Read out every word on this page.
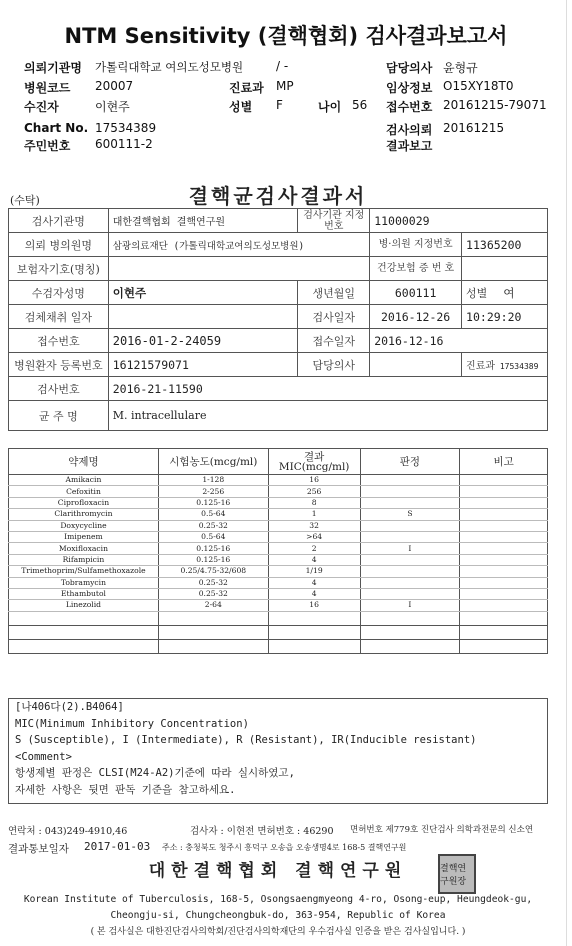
NTM Sensitivity (결핵협회) 검사결과보고서
의뢰기관명 가톨릭대학교 여의도성모병원	/ -	담당의사 윤형규
병원코드 20007	진료과 MP	임상정보 O15XY18T0
수진자	이현주	성별 F	나이 56 접수번호 20161215-79071
Chart No. 17534389	검사의뢰 20161215
주민번호 600111-2	결과보고
(수탁)	결핵균검사결과서
검사기관명	대한결핵협회 결핵연구원	검사기관 지정번호	11000029	
의뢰 병의원명	삼광의료재단 (가톨릭대학교여의도성모병원)		병·의원 지정번호	11365200
보험자기호(명칭)			건강보험 증 번 호	
수검자성명	이현주	생년월일	600111	성별 여
검체채취 일자		검사일자	2016-12-26	10:29:20
접수번호	2016-01-2-24059	접수일자	2016-12-16	
병원환자 등록번호	16121579071	담당의사		진료과 17534389
검사번호	2016-21-11590			
균 주 명	M. intracellulare			
약제명	시험농도(mcg/ml)	결과 MIC(mcg/ml)	판정	비고
Amikacin	1-128	16		
Cefoxitin	2-256	256		
Ciprofloxacin	0.125-16	8		
Clarithromycin	0.5-64	1	S	
Doxycycline	0.25-32	32		
Imipenem	0.5-64	>64		
Moxifloxacin	0.125-16	2	I	
Rifampicin	0.125-16	4		
Trimethoprim/Sulfamethoxazole	0.25/4.75-32/608	1/19		
Tobramycin	0.25-32	4		
Ethambutol	0.25-32	4		
Linezolid	2-64	16	I	

[나406다(2).B4064]
MIC(Minimum Inhibitory Concentration)
S (Susceptible), I (Intermediate), R (Resistant), IR(Inducible resistant)
<Comment>
항생제별 판정은 CLSI(M24-A2)기준에 따라 실시하였고,
자세한 사항은 뒷면 판독 기준을 참고하세요.
연락처 : 043)249-4910,46	검사자 : 이현전 면허번호 : 46290 면허번호 제779호 진단검사 의학과전문의 신소연
결과통보일자 2017-01-03 주소 : 충청북도 청주시 흥덕구 오송읍 오송생명4로 168-5 결핵연구원
대한결핵협회 결핵연구원	결핵연구원장
Korean Institute of Tuberculosis, 168-5, Osongsaengmyeong 4-ro, Osong-eup, Heungdeok-gu,
Cheongju-si, Chungcheongbuk-do, 363-954, Republic of Korea
( 본 검사실은 대한진단검사의학회/진단검사의학재단의 우수검사실 인증을 받은 검사실입니다. )
